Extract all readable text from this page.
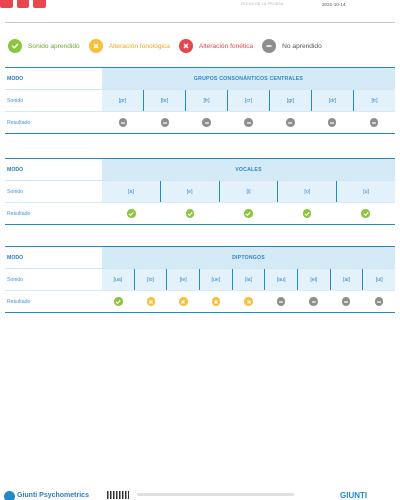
FECHA DE LA PRUEBA	2021-10-14
Sonido aprendido	Alteración fonológica	Alteración fonética	No aprendido
MODO	GRUPOS CONSONÁNTICOS CENTRALES
Sonido	[pr]	[br]	[fr]	[cr]	[gr]	[dr]	[tr]
Resultado
MODO	VOCALES
Sonido	[a]	[e]	[i]	[o]	[u]
Resultado
MODO	DIPTONGOS
Sonido	[ua]	[io]	[ie]	[ue]	[ia]	[au]	[ei]	[ai]	[ui]
Resultado
Giunti Psychometrics	GIUNTI
